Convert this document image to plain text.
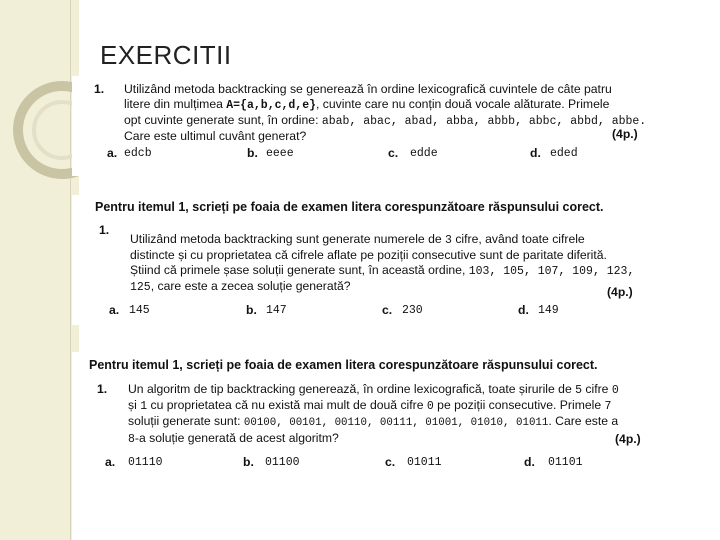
EXERCITII
1. Utilizând metoda backtracking se generează în ordine lexicografică cuvintele de câte patru
litere din mulțimea A={a,b,c,d,e}, cuvinte care nu conțin două vocale alăturate. Primele
opt cuvinte generate sunt, în ordine: abab, abac, abad, abba, abbb, abbc, abbd, abbe.
Care este ultimul cuvânt generat?	(4p.)
a. edcb	b. eeee	c. edde	d. eded
Pentru itemul 1, scrieți pe foaia de examen litera corespunzătoare răspunsului corect.
1.
Utilizând metoda backtracking sunt generate numerele de 3 cifre, având toate cifrele
distincte și cu proprietatea că cifrele aflate pe poziții consecutive sunt de paritate diferită.
Știind că primele șase soluții generate sunt, în această ordine, 103, 105, 107, 109, 123,
125, care este a zecea soluție generată?	(4p.)
a. 145	b. 147	c. 230	d. 149
Pentru itemul 1, scrieți pe foaia de examen litera corespunzătoare răspunsului corect.
1. Un algoritm de tip backtracking generează, în ordine lexicografică, toate șirurile de 5 cifre 0
și 1 cu proprietatea că nu există mai mult de două cifre 0 pe poziții consecutive. Primele 7
soluții generate sunt: 00100, 00101, 00110, 00111, 01001, 01010, 01011. Care este a
8-a soluție generată de acest algoritm?	(4p.)
a. 01110	b. 01100	c. 01011	d. 01101
